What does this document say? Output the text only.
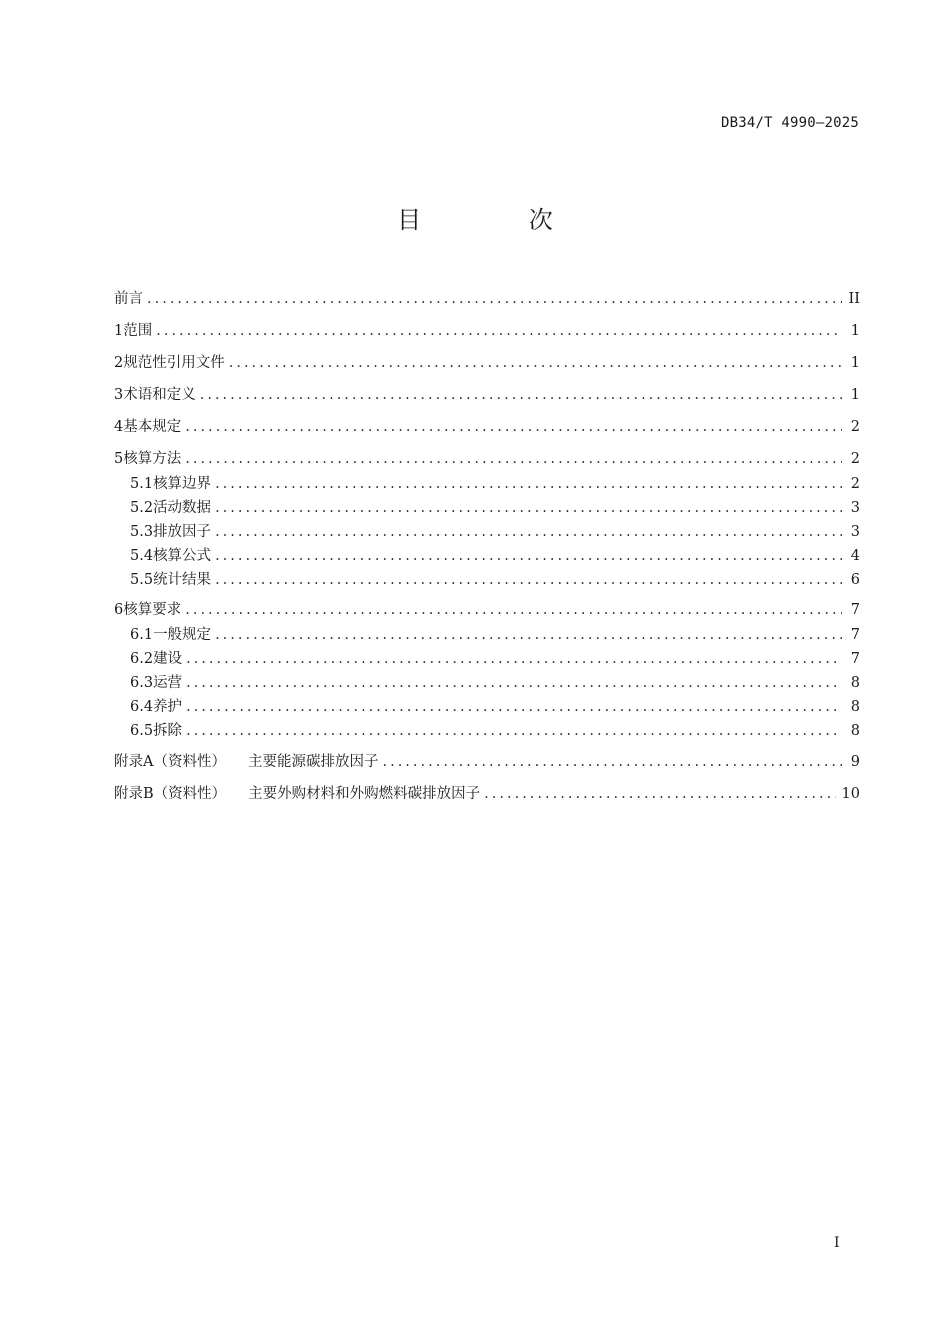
DB34/T 4990—2025
目 次
前言 .....	II
1 范围 .....	1
2 规范性引用文件 .....	1
3 术语和定义 .....	1
4 基本规定 .....	2
5 核算方法 .....	2
5.1 核算边界 .....	2
5.2 活动数据 .....	3
5.3 排放因子 .....	3
5.4 核算公式 .....	4
5.5 统计结果 .....	6
6 核算要求 .....	7
6.1 一般规定 .....	7
6.2 建设 .....	7
6.3 运营 .....	8
6.4 养护 .....	8
6.5 拆除 .....	8
附录A（资料性） 主要能源碳排放因子 .....	9
附录B（资料性） 主要外购材料和外购燃料碳排放因子 .....	10
I
